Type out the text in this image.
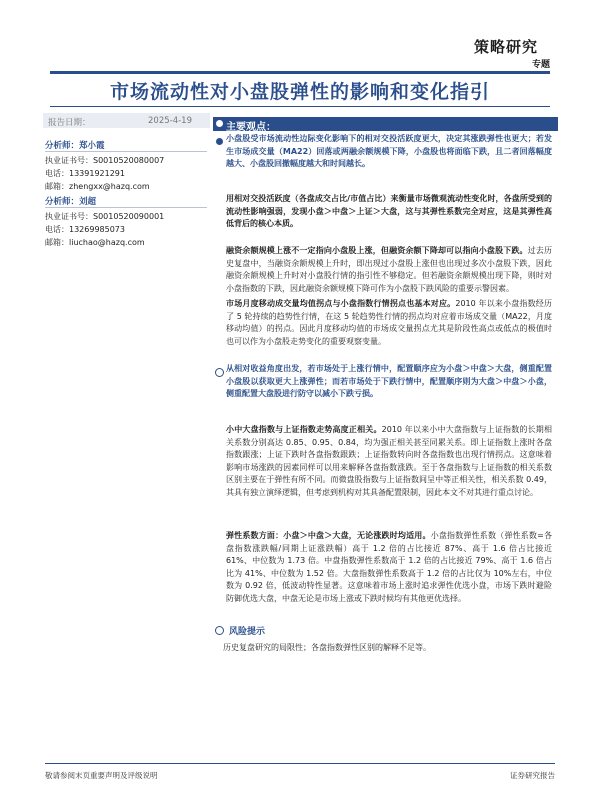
策略研究
专题
市场流动性对小盘股弹性的影响和变化指引
报告日期：	2025-4-19
分析师：郑小霞
执业证书号：S0010520080007
电话：13391921291
邮箱：zhengxx@hazq.com
分析师：刘超
执业证书号：S0010520090001
电话：13269985073
邮箱：liuchao@hazq.com
主要观点：
小盘股受市场流动性边际变化影响下的相对交投活跃度更大，决定其涨跌弹性也更大；若发生市场成交量（MA22）回落或两融余额规模下降，小盘股也将面临下跌，且二者回落幅度越大、小盘股回撤幅度越大和时间越长。
用相对交投活跃度（各盘成交占比/市值占比）来衡量市场微观流动性变化时，各盘所受到的流动性影响强弱，发现小盘＞中盘＞上证＞大盘，这与其弹性系数完全对应，这是其弹性高低背后的核心本质。
融资余额规模上涨不一定指向小盘股上涨，但融资余额下降却可以指向小盘股下跌。过去历史复盘中，当融资余额规模上升时，即出现过小盘股上涨但也出现过多次小盘股下跌，因此融资余额规模上升时对小盘股行情的指引性不够稳定。但若融资余额规模出现下降，则时对小盘指数的下跌，因此融资余额规模下降可作为小盘股下跌风险的重要示警因素。
市场月度移动成交量均值拐点与小盘指数行情拐点也基本对应。2010 年以来小盘指数经历了 5 轮持续的趋势性行情，在这 5 轮趋势性行情的拐点均对应着市场成交量（MA22，月度移动均值）的拐点。因此月度移动均值的市场成交量拐点尤其是阶段性高点或低点的极值时也可以作为小盘股走势变化的重要观察变量。
从相对收益角度出发，若市场处于上涨行情中，配置顺序应为小盘＞中盘＞大盘，侧重配置小盘股以获取更大上涨弹性；而若市场处于下跌行情中，配置顺序则为大盘＞中盘＞小盘，侧重配置大盘股进行防守以减小下跌亏损。
小中大盘指数与上证指数走势高度正相关。2010 年以来小中大盘指数与上证指数的长期相关系数分别高达 0.85、0.95、0.84，均为强正相关甚至同累关系。即上证指数上涨时各盘指数跟涨；上证下跌时各盘指数跟跌；上证指数转向时各盘指数也出现行情拐点。这意味着影响市场涨跌的因素同样可以用来解释各盘指数涨跌。至于各盘指数与上证指数的相关系数区别主要在于弹性有所不同。而微盘股指数与上证指数间呈中等正相关性，相关系数 0.49，其具有独立演绎逻辑，但考虑到机构对其具备配置限制，因此本文不对其进行重点讨论。
弹性系数方面：小盘＞中盘＞大盘，无论涨跌时均适用。小盘指数弹性系数（弹性系数=各盘指数涨跌幅/同期上证涨跌幅）高于 1.2 倍的占比接近 87%、高于 1.6 倍占比接近 61%、中位数为 1.73 倍。中盘指数弹性系数高于 1.2 倍的占比接近 79%、高于 1.6 倍占比为 41%、中位数为 1.52 倍。大盘指数弹性系数高于 1.2 倍的占比仅为 10%左右，中位数为 0.92 倍，低波动特性显著。这意味着市场上涨时追求弹性优选小盘，市场下跌时避险防御优选大盘，中盘无论是市场上涨或下跌时候均有其他更优选择。
风险提示
历史复盘研究的局限性；各盘指数弹性区别的解释不足等。
敬请参阅末页重要声明及评级说明	证券研究报告
